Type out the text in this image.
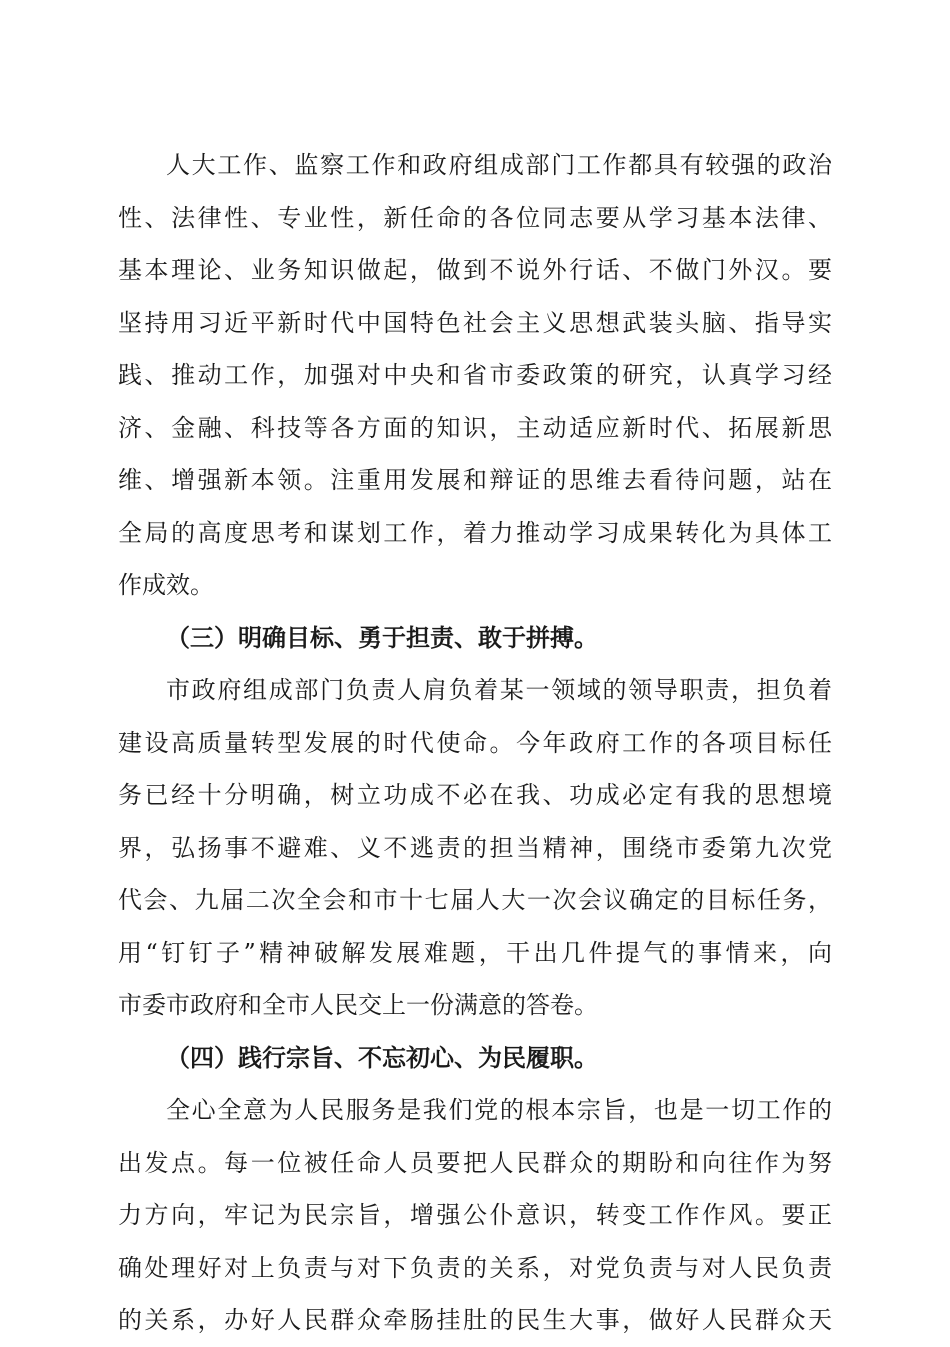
人大工作、监察工作和政府组成部门工作都具有较强的政治
性、法律性、专业性，新任命的各位同志要从学习基本法律、
基本理论、业务知识做起，做到不说外行话、不做门外汉。要
坚持用习近平新时代中国特色社会主义思想武装头脑、指导实
践、推动工作，加强对中央和省市委政策的研究，认真学习经
济、金融、科技等各方面的知识，主动适应新时代、拓展新思
维、增强新本领。注重用发展和辩证的思维去看待问题，站在
全局的高度思考和谋划工作，着力推动学习成果转化为具体工
作成效。
（三）明确目标、勇于担责、敢于拼搏。
市政府组成部门负责人肩负着某一领域的领导职责，担负着
建设高质量转型发展的时代使命。今年政府工作的各项目标任
务已经十分明确，树立功成不必在我、功成必定有我的思想境
界，弘扬事不避难、义不逃责的担当精神，围绕市委第九次党
代会、九届二次全会和市十七届人大一次会议确定的目标任务，
用“钉钉子”精神破解发展难题，干出几件提气的事情来，向
市委市政府和全市人民交上一份满意的答卷。
（四）践行宗旨、不忘初心、为民履职。
全心全意为人民服务是我们党的根本宗旨，也是一切工作的
出发点。每一位被任命人员要把人民群众的期盼和向往作为努
力方向，牢记为民宗旨，增强公仆意识，转变工作作风。要正
确处理好对上负责与对下负责的关系，对党负责与对人民负责
的关系，办好人民群众牵肠挂肚的民生大事，做好人民群众天
